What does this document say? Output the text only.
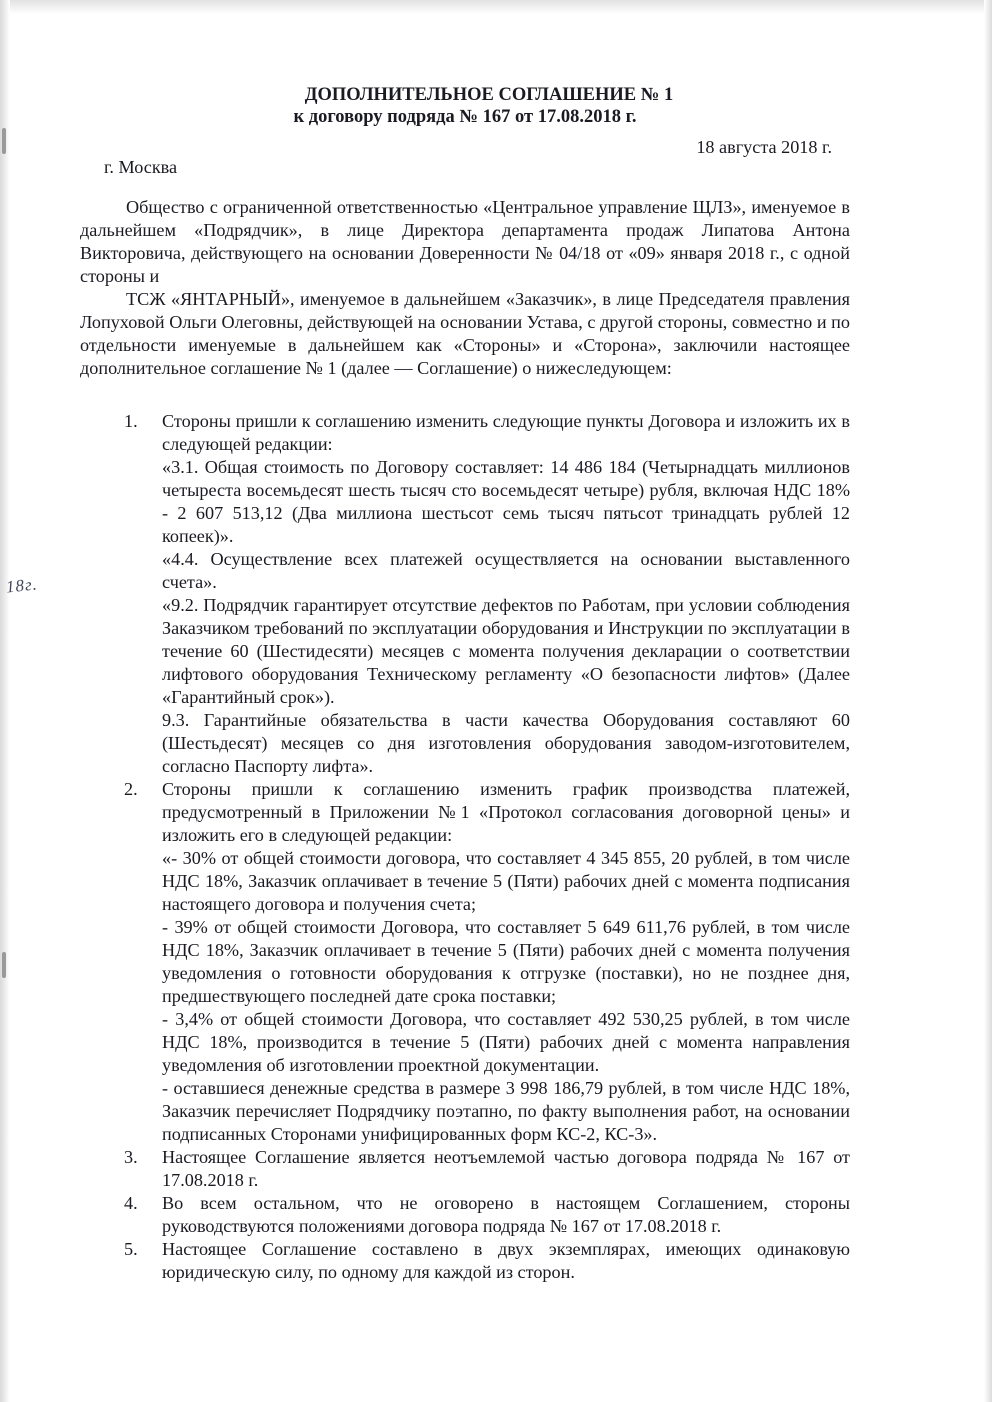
18г.
ДОПОЛНИТЕЛЬНОЕ СОГЛАШЕНИЕ № 1
к договору подряда № 167 от 17.08.2018 г.
г. Москва
18 августа 2018 г.

Общество с ограниченной ответственностью «Центральное управление ЩЛЗ», именуемое в дальнейшем «Подрядчик», в лице Директора департамента продаж Липатова Антона Викторовича, действующего на основании Доверенности № 04/18 от «09» января 2018 г., с одной стороны и

ТСЖ «ЯНТАРНЫЙ», именуемое в дальнейшем «Заказчик», в лице Председателя правления Лопуховой Ольги Олеговны, действующей на основании Устава, с другой стороны, совместно и по отдельности именуемые в дальнейшем как «Стороны» и «Сторона», заключили настоящее дополнительное соглашение № 1 (далее — Соглашение) о нижеследующем:

1. Стороны пришли к соглашению изменить следующие пункты Договора и изложить их в следующей редакции:

«3.1. Общая стоимость по Договору составляет: 14 486 184 (Четырнадцать миллионов четыреста восемьдесят шесть тысяч сто восемьдесят четыре) рубля, включая НДС 18% - 2 607 513,12 (Два миллиона шестьсот семь тысяч пятьсот тринадцать рублей 12 копеек)».

«4.4. Осуществление всех платежей осуществляется на основании выставленного счета».

«9.2. Подрядчик гарантирует отсутствие дефектов по Работам, при условии соблюдения Заказчиком требований по эксплуатации оборудования и Инструкции по эксплуатации в течение 60 (Шестидесяти) месяцев с момента получения декларации о соответствии лифтового оборудования Техническому регламенту «О безопасности лифтов» (Далее «Гарантийный срок»).

9.3. Гарантийные обязательства в части качества Оборудования составляют 60 (Шестьдесят) месяцев со дня изготовления оборудования заводом-изготовителем, согласно Паспорту лифта».

2. Стороны пришли к соглашению изменить график производства платежей, предусмотренный в Приложении №1 «Протокол согласования договорной цены» и изложить его в следующей редакции:

«- 30% от общей стоимости договора, что составляет 4 345 855, 20 рублей, в том числе НДС 18%, Заказчик оплачивает в течение 5 (Пяти) рабочих дней с момента подписания настоящего договора и получения счета;

- 39% от общей стоимости Договора, что составляет 5 649 611,76 рублей, в том числе НДС 18%, Заказчик оплачивает в течение 5 (Пяти) рабочих дней с момента получения уведомления о готовности оборудования к отгрузке (поставки), но не позднее дня, предшествующего последней дате срока поставки;

- 3,4% от общей стоимости Договора, что составляет 492 530,25 рублей, в том числе НДС 18%, производится в течение 5 (Пяти) рабочих дней с момента направления уведомления об изготовлении проектной документации.

- оставшиеся денежные средства в размере 3 998 186,79 рублей, в том числе НДС 18%, Заказчик перечисляет Подрядчику поэтапно, по факту выполнения работ, на основании подписанных Сторонами унифицированных форм КС-2, КС-3».

3. Настоящее Соглашение является неотъемлемой частью договора подряда № 167 от 17.08.2018 г.

4. Во всем остальном, что не оговорено в настоящем Соглашением, стороны руководствуются положениями договора подряда № 167 от 17.08.2018 г.

5. Настоящее Соглашение составлено в двух экземплярах, имеющих одинаковую юридическую силу, по одному для каждой из сторон.
